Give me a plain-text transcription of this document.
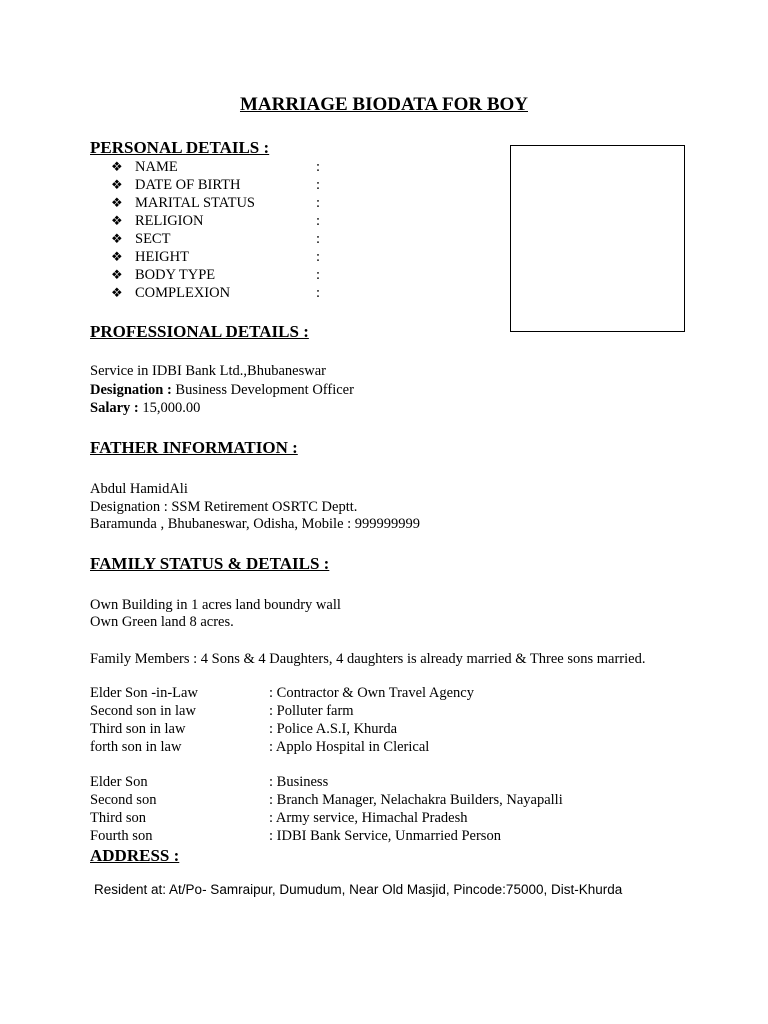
MARRIAGE BIODATA FOR BOY
PERSONAL DETAILS :
❖ NAME	:
❖ DATE OF BIRTH	:
❖ MARITAL STATUS	:
❖ RELIGION	:
❖ SECT	:
❖ HEIGHT	:
❖ BODY TYPE	:
❖ COMPLEXION	:
PROFESSIONAL DETAILS :
Service in IDBI Bank Ltd.,Bhubaneswar
Designation : Business Development Officer
Salary : 15,000.00
FATHER INFORMATION :
Abdul HamidAli
Designation : SSM Retirement OSRTC Deptt.
Baramunda , Bhubaneswar, Odisha, Mobile : 999999999
FAMILY STATUS & DETAILS :
Own Building in 1 acres land boundry wall
Own Green land 8 acres.
Family Members : 4 Sons & 4 Daughters, 4 daughters is already married & Three sons married.
Elder Son -in-Law	: Contractor & Own Travel Agency
Second son in law	: Polluter farm
Third son in law	: Police A.S.I, Khurda
forth son in law	: Applo Hospital in Clerical
Elder Son	: Business
Second son	: Branch Manager, Nelachakra Builders, Nayapalli
Third son	: Army service, Himachal Pradesh
Fourth son	: IDBI Bank Service, Unmarried Person
ADDRESS :
Resident at: At/Po- Samraipur, Dumudum, Near Old Masjid, Pincode:75000, Dist-Khurda
